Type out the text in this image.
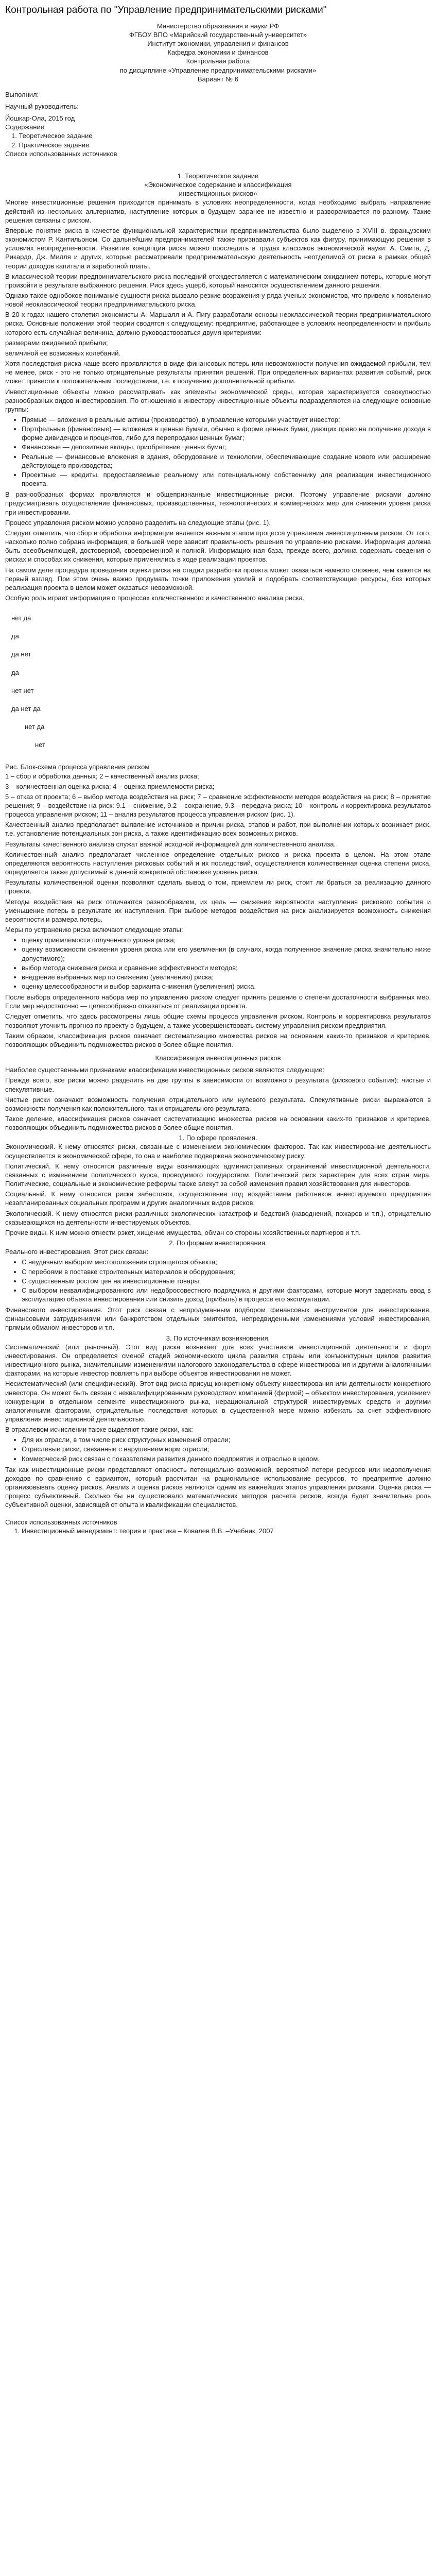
Контрольная работа по "Управление предпринимательскими рисками"

Министерство образования и науки РФ

ФГБОУ ВПО «Марийский государственный университет»

Институт экономики, управления и финансов

Кафедра экономики и финансов

Контрольная работа

по дисциплине «Управление предпринимательскими рисками»

Вариант № 6

Выполнил:

Научный руководитель:

Йошкар-Ола, 2015 год

Содержание

1. Теоретическое задание

2. Практическое задание

Список использованных источников

1. Теоретическое задание

«Экономическое содержание и классификация

инвестиционных рисков»

Многие инвестиционные решения приходится принимать в условиях неопределенности, когда необходимо выбрать направление действий из нескольких альтернатив, наступление которых в будущем заранее не известно и разворачивается по-разному. Такие решения связаны с риском.

Впервые понятие риска в качестве функциональной характеристики предпринимательства было выделено в XVIII в. французским экономистом Р. Кантильоном. Со дальнейшим предпринимателей также признавали субъектов как фигуру, принимающую решения в условиях неопределенности. Развитие концепции риска можно проследить в трудах классиков экономической науки: А. Смита, Д. Рикардо, Дж. Милля и других, которые рассматривали предпринимательскую деятельность неотделимой от риска в рамках общей теории доходов капитала и заработной платы.

В классической теории предпринимательского риска последний отождествляется с математическим ожиданием потерь, которые могут произойти в результате выбранного решения. Риск здесь ущерб, который наносится осуществлением данного решения.

Однако такое однобокое понимание сущности риска вызвало резкие возражения у ряда ученых-экономистов, что привело к появлению новой неоклассической теории предпринимательского риска.

В 20-х годах нашего столетия экономисты А. Маршалл и А. Пигу разработали основы неоклассической теории предпринимательского риска. Основные положения этой теории сводятся к следующему: предприятие, работающее в условиях неопределенности и прибыль которого есть случайная величина, должно руководствоваться двумя критериями:

размерами ожидаемой прибыли;

величиной ее возможных колебаний.

Хотя последствия риска чаще всего проявляются в виде финансовых потерь или невозможности получения ожидаемой прибыли, тем не менее, риск - это не только отрицательные результаты принятия решений. При определенных вариантах развития событий, риск может привести к положительным последствиям, т.е. к получению дополнительной прибыли.

Инвестиционные объекты можно рассматривать как элементы экономической среды, которая характеризуется совокупностью разнообразных видов инвестирования. По отношению к инвестору инвестиционные объекты подразделяются на следующие основные группы:

• Прямые — вложения в реальные активы (производство), в управление которыми участвует инвестор;
• Портфельные (финансовые) — вложения в ценные бумаги, обычно в форме ценных бумаг, дающих право на получение дохода в форме дивидендов и процентов, либо для перепродажи ценных бумаг;
• Финансовые — депозитные вклады, приобретение ценных бумаг;
• Реальные — финансовые вложения в здания, оборудование и технологии, обеспечивающие создание нового или расширение действующего производства;
• Проектные — кредиты, предоставляемые реальному или потенциальному собственнику для реализации инвестиционного проекта.

В разнообразных формах проявляются и общепризнанные инвестиционные риски. Поэтому управление рисками должно предусматривать осуществление финансовых, производственных, технологических и коммерческих мер для снижения уровня риска при инвестировании.

Процесс управления риском можно условно разделить на следующие этапы (рис. 1).

Следует отметить, что сбор и обработка информации является важным этапом процесса управления инвестиционным риском. От того, насколько полно собрана информация, в большей мере зависит правильность решения по управлению рисками. Информация должна быть всеобъемлющей, достоверной, своевременной и полной. Информационная база, прежде всего, должна содержать сведения о рисках и способах их снижения, которые применялись в ходе реализации проектов.

На самом деле процедура проведения оценки риска на стадии разработки проекта может оказаться намного сложнее, чем кажется на первый взгляд. При этом очень важно продумать точки приложения усилий и подобрать соответствующие ресурсы, без которых реализация проекта в целом может оказаться невозможной.

Особую роль играет информация о процессах количественного и качественного анализа риска.

нет да

да

да нет

да

нет нет

да нет да

нет да

нет

Рис. Блок-схема процесса управления риском

1 – сбор и обработка данных; 2 – качественный анализ риска;

3 – количественная оценка риска; 4 – оценка приемлемости риска;

5 – отказ от проекта; 6 – выбор метода воздействия на риск; 7 – сравнение эффективности методов воздействия на риск; 8 – принятие решения; 9 – воздействие на риск: 9.1 – снижение, 9.2 – сохранение, 9.3 – передача риска; 10 – контроль и корректировка результатов процесса управления риском; 11 – анализ результатов процесса управления риском (рис. 1).

Качественный анализ предполагает выявление источников и причин риска, этапов и работ, при выполнении которых возникает риск, т.е. установление потенциальных зон риска, а также идентификацию всех возможных рисков.

Результаты качественного анализа служат важной исходной информацией для количественного анализа.

Количественный анализ предполагает численное определение отдельных рисков и риска проекта в целом. На этом этапе определяются вероятность наступления рисковых событий и их последствий, осуществляется количественная оценка степени риска, определяется также допустимый в данной конкретной обстановке уровень риска.

Результаты количественной оценки позволяют сделать вывод о том, приемлем ли риск, стоит ли браться за реализацию данного проекта.

Методы воздействия на риск отличаются разнообразием, их цель — снижение вероятности наступления рискового события и уменьшение потерь в результате их наступления. При выборе методов воздействия на риск анализируется возможность снижения вероятности и размера потерь.

Меры по устранению риска включают следующие этапы:

• оценку приемлемости полученного уровня риска;
• оценку возможности снижения уровня риска или его увеличения (в случаях, когда полученное значение риска значительно ниже допустимого);
• выбор метода снижения риска и сравнение эффективности методов;
• внедрение выбранных мер по снижению (увеличению) риска;
• оценку целесообразности и выбор варианта снижения (увеличения) риска.

После выбора определенного набора мер по управлению риском следует принять решение о степени достаточности выбранных мер. Если мер недостаточно — целесообразно отказаться от реализации проекта.

Следует отметить, что здесь рассмотрены лишь общие схемы процесса управления риском. Контроль и корректировка результатов позволяют уточнить прогноз по проекту в будущем, а также усовершенствовать систему управления риском предприятия.

Таким образом, классификация рисков означает систематизацию множества рисков на основании каких-то признаков и критериев, позволяющих объединить подмножества рисков в более общие понятия.

Классификация инвестиционных рисков

Наиболее существенными признаками классификации инвестиционных рисков являются следующие:

Прежде всего, все риски можно разделить на две группы в зависимости от возможного результата (рискового события): чистые и спекулятивные.

Чистые риски означают возможность получения отрицательного или нулевого результата. Спекулятивные риски выражаются в возможности получения как положительного, так и отрицательного результата.

Такое деление, классификация рисков означает систематизацию множества рисков на основании каких-то признаков и критериев, позволяющих объединить подмножества рисков в более общие понятия.

1. По сфере проявления.

Экономический. К нему относятся риски, связанные с изменением экономических факторов. Так как инвестирование деятельность осуществляется в экономической сфере, то она и наиболее подвержена экономическому риску.

Политический. К нему относятся различные виды возникающих административных ограничений инвестиционной деятельности, связанных с изменением политического курса, проводимого государством. Политический риск характерен для всех стран мира. Политические, социальные и экономические реформы также влекут за собой изменения правил хозяйствования для инвесторов.

Социальный. К нему относятся риски забастовок, осуществления под воздействием работников инвестируемого предприятия незапланированных социальных программ и других аналогичных видов рисков.

Экологический. К нему относятся риски различных экологических катастроф и бедствий (наводнений, пожаров и т.п.), отрицательно сказывающихся на деятельности инвестируемых объектов.

Прочие виды. К ним можно отнести рэкет, хищение имущества, обман со стороны хозяйственных партнеров и т.п.

2. По формам инвестирования.

Реального инвестирования. Этот риск связан:

• С неудачным выбором местоположения строящегося объекта;
• С перебоями в поставке строительных материалов и оборудования;
• С существенным ростом цен на инвестиционные товары;
• С выбором неквалифицированного или недобросовестного подрядчика и другими факторами, которые могут задержать ввод в эксплуатацию объекта инвестирования или снизить доход (прибыль) в процессе его эксплуатации.

Финансового инвестирования. Этот риск связан с непродуманным подбором финансовых инструментов для инвестирования, финансовыми затруднениями или банкротством отдельных эмитентов, непредвиденными изменениями условий инвестирования, прямым обманом инвесторов и т.п.

3. По источникам возникновения.

Систематический (или рыночный). Этот вид риска возникает для всех участников инвестиционной деятельности и форм инвестирования. Он определяется сменой стадий экономического цикла развития страны или конъюнктурных циклов развития инвестиционного рынка, значительными изменениями налогового законодательства в сфере инвестирования и другими аналогичными факторами, на которые инвестор повлиять при выборе объектов инвестирования не может.

Несистематический (или специфический). Этот вид риска присущ конкретному объекту инвестирования или деятельности конкретного инвестора. Он может быть связан с неквалифицированным руководством компанией (фирмой) – объектом инвестирования, усилением конкуренции в отдельном сегменте инвестиционного рынка, нерациональной структурой инвестируемых средств и другими аналогичными факторами, отрицательные последствия которых в существенной мере можно избежать за счет эффективного управления инвестиционной деятельностью.

В отраслевом исчислении также выделяют такие риски, как:

• Для их отрасли, в том числе риск структурных изменений отрасли;
• Отраслевые риски, связанные с нарушением норм отрасли;
• Коммерческий риск связан с показателями развития данного предприятия и отраслью в целом.

Так как инвестиционные риски представляют опасность потенциально возможной, вероятной потери ресурсов или недополучения доходов по сравнению с вариантом, который рассчитан на рациональное использование ресурсов, то предприятие должно организовывать оценку рисков. Анализ и оценка рисков являются одним из важнейших этапов управления рисками. Оценка риска — процесс субъективный. Сколько бы ни существовало математических методов расчета рисков, всегда будет значительна роль субъективной оценки, зависящей от опыта и квалификации специалистов.

Список использованных источников

1. Инвестиционный менеджмент: теория и практика – Ковалев В.В. –Учебник, 2007
